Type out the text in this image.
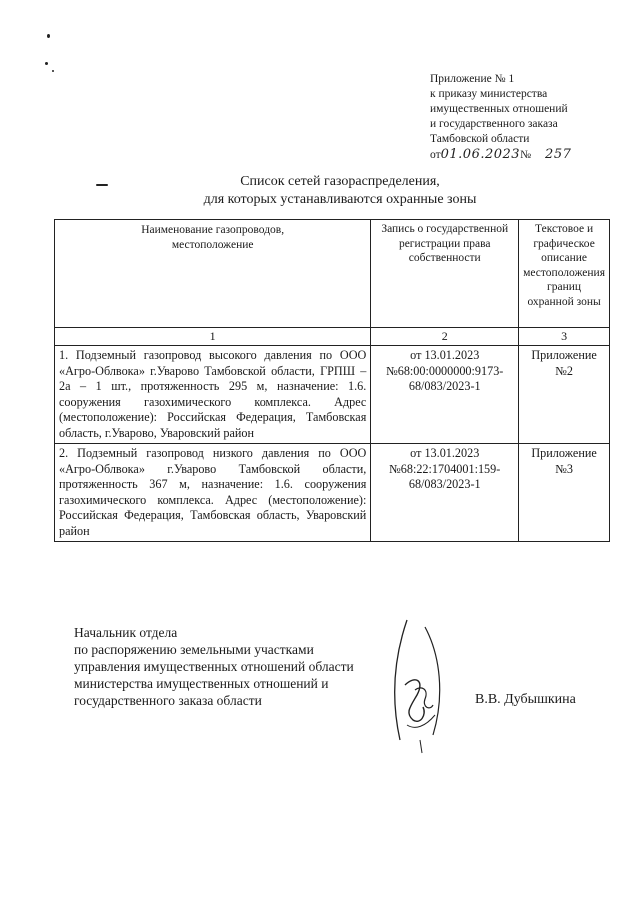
Приложение № 1
к приказу министерства
имущественных отношений
и государственного заказа
Тамбовской области
от01.06.2023№ 257
Список сетей газораспределения,
для которых устанавливаются охранные зоны
Наименование газопроводов, местоположение	Запись о государственной регистрации права собственности	Текстовое и графическое описание местоположения границ охранной зоны
1	2	3
1. Подземный газопровод высокого давления по ООО «Агро-Облвока» г.Уварово Тамбовской области, ГРПШ – 2а – 1 шт., протяженность 295 м, назначение: 1.6. сооружения газохимического комплекса. Адрес (местоположение): Российская Федерация, Тамбовская область, г.Уварово, Уваровский район	от 13.01.2023 №68:00:0000000:9173-68/083/2023-1	Приложение №2
2. Подземный газопровод низкого давления по ООО «Агро-Облвока» г.Уварово Тамбовской области, протяженность 367 м, назначение: 1.6. сооружения газохимического комплекса. Адрес (местоположение): Российская Федерация, Тамбовская область, Уваровский район	от 13.01.2023 №68:22:1704001:159-68/083/2023-1	Приложение №3
Начальник отдела
по распоряжению земельными участками
управления имущественных отношений области
министерства имущественных отношений и
государственного заказа области	В.В. Дубышкина
